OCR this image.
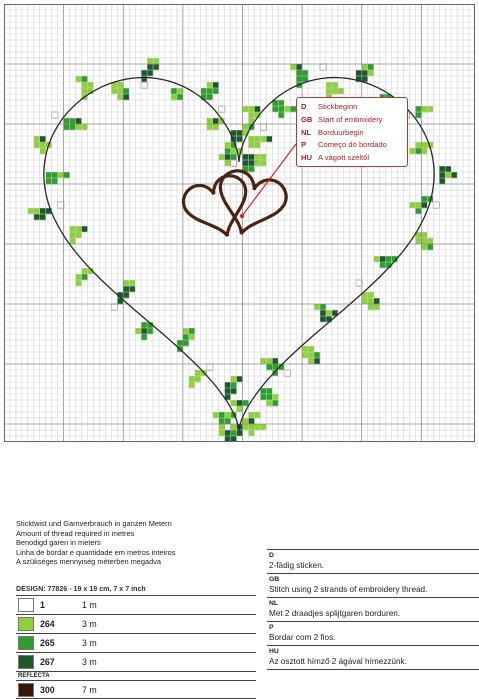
D	Stickbeginn
GB Start of embroidery
NL Borduurbegin
P	Começo do bordado
HU A vágott széltől
Sticktwist und Garnverbrauch in ganzen Metern
Amount of thread required in metres
Benodigd garen in meters
Linha de bordar e quantidade em metros inteiros
A szükséges mennyiség méterben megadva
DESIGN: 77826 - 19 x 19 cm, 7 x 7 inch
1	1 m
264	3 m
265	3 m
267	3 m
REFLECTA
300	7 m
D
2-fädig sticken.
GB
Stitch using 2 strands of embroidery thread.
NL
Met 2 draadjes splijtgaren borduren.
P
Bordar com 2 fios.
HU
Az osztott hímző 2 ágával hímezzünk.
